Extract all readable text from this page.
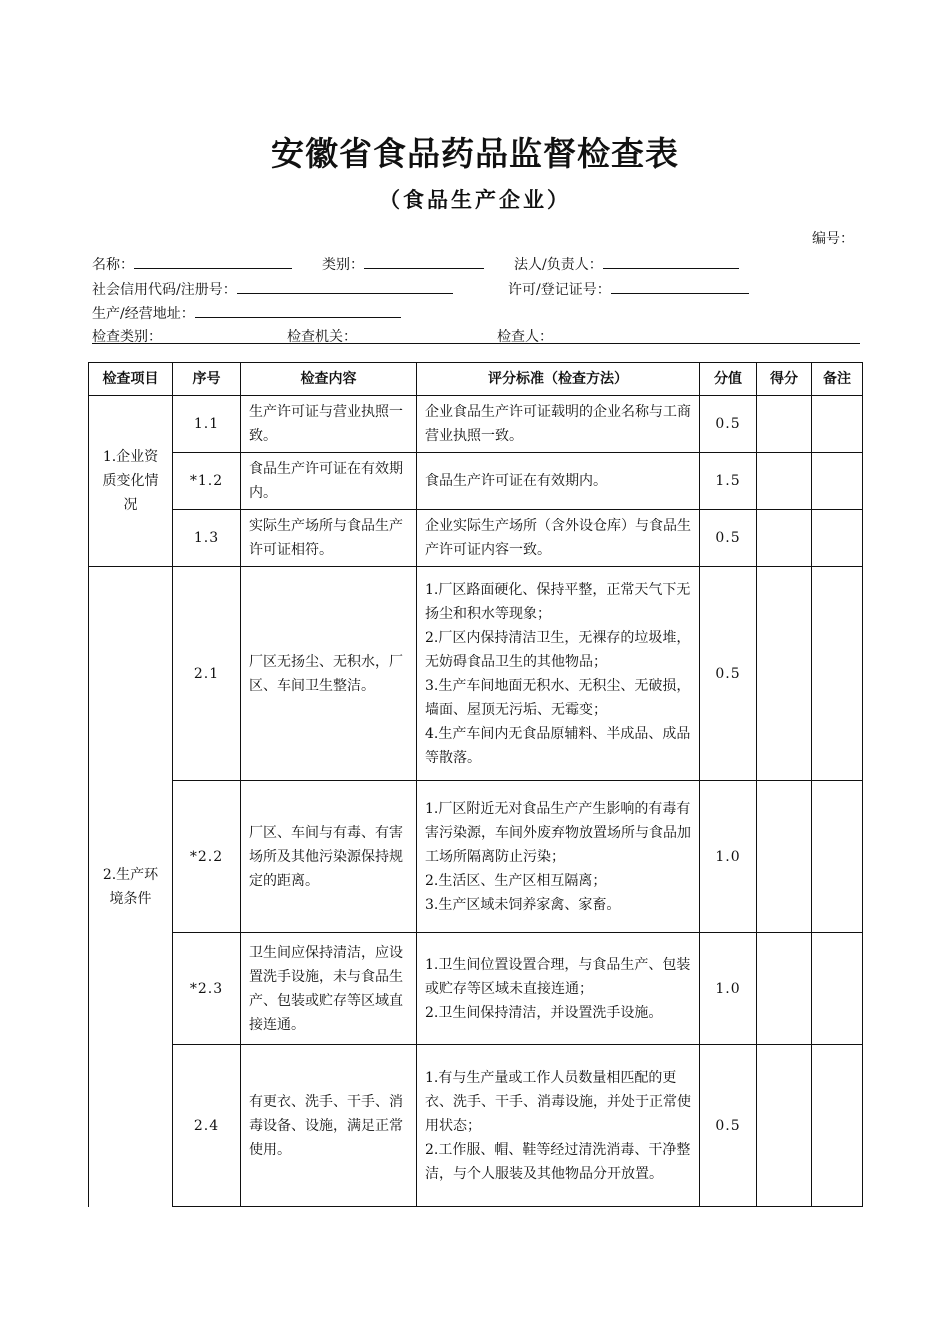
安徽省食品药品监督检查表
（食品生产企业）
编号：
名称：	类别：	法人/负责人：
社会信用代码/注册号：	许可/登记证号：
生产/经营地址：
检查类别：	检查机关：	检查人：
检查项目	序号	检查内容	评分标准（检查方法）	分值	得分	备注
1.企业资质变化情况	1.1	生产许可证与营业执照一致。	企业食品生产许可证载明的企业名称与工商营业执照一致。	0.5		
	*1.2	食品生产许可证在有效期内。	食品生产许可证在有效期内。	1.5		
	1.3	实际生产场所与食品生产许可证相符。	企业实际生产场所（含外设仓库）与食品生产许可证内容一致。	0.5		
2.生产环境条件	2.1	厂区无扬尘、无积水，厂区、车间卫生整洁。	1.厂区路面硬化、保持平整，正常天气下无扬尘和积水等现象；
2.厂区内保持清洁卫生，无裸存的垃圾堆，无妨碍食品卫生的其他物品；
3.生产车间地面无积水、无积尘、无破损，墙面、屋顶无污垢、无霉变；
4.生产车间内无食品原辅料、半成品、成品等散落。	0.5		
	*2.2	厂区、车间与有毒、有害场所及其他污染源保持规定的距离。	1.厂区附近无对食品生产产生影响的有毒有害污染源，车间外废弃物放置场所与食品加工场所隔离防止污染；
2.生活区、生产区相互隔离；
3.生产区域未饲养家禽、家畜。	1.0		
	*2.3	卫生间应保持清洁，应设置洗手设施，未与食品生产、包装或贮存等区域直接连通。	1.卫生间位置设置合理，与食品生产、包装或贮存等区域未直接连通；
2.卫生间保持清洁，并设置洗手设施。	1.0		
	2.4	有更衣、洗手、干手、消毒设备、设施，满足正常使用。	1.有与生产量或工作人员数量相匹配的更衣、洗手、干手、消毒设施，并处于正常使用状态；
2.工作服、帽、鞋等经过清洗消毒、干净整洁，与个人服装及其他物品分开放置。	0.5		
